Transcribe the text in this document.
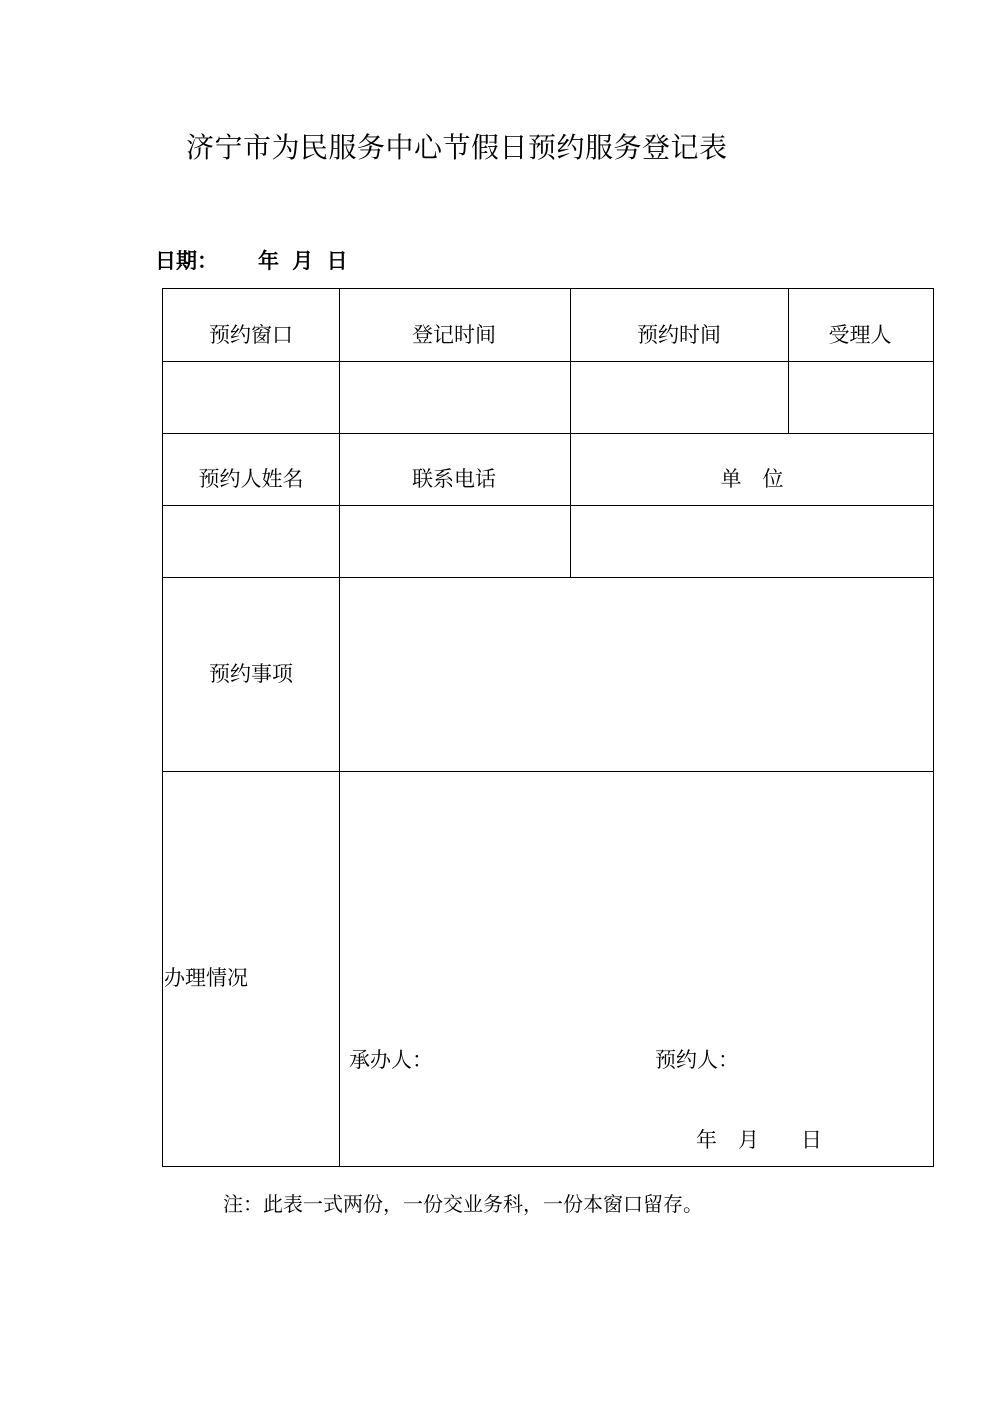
济宁市为民服务中心节假日预约服务登记表
日期： 年 月 日
预约窗口	登记时间	预约时间	受理人
预约人姓名	联系电话	单　位
预约事项
办理情况
承办人：	预约人：
年　月　　日
注：此表一式两份，一份交业务科，一份本窗口留存。
